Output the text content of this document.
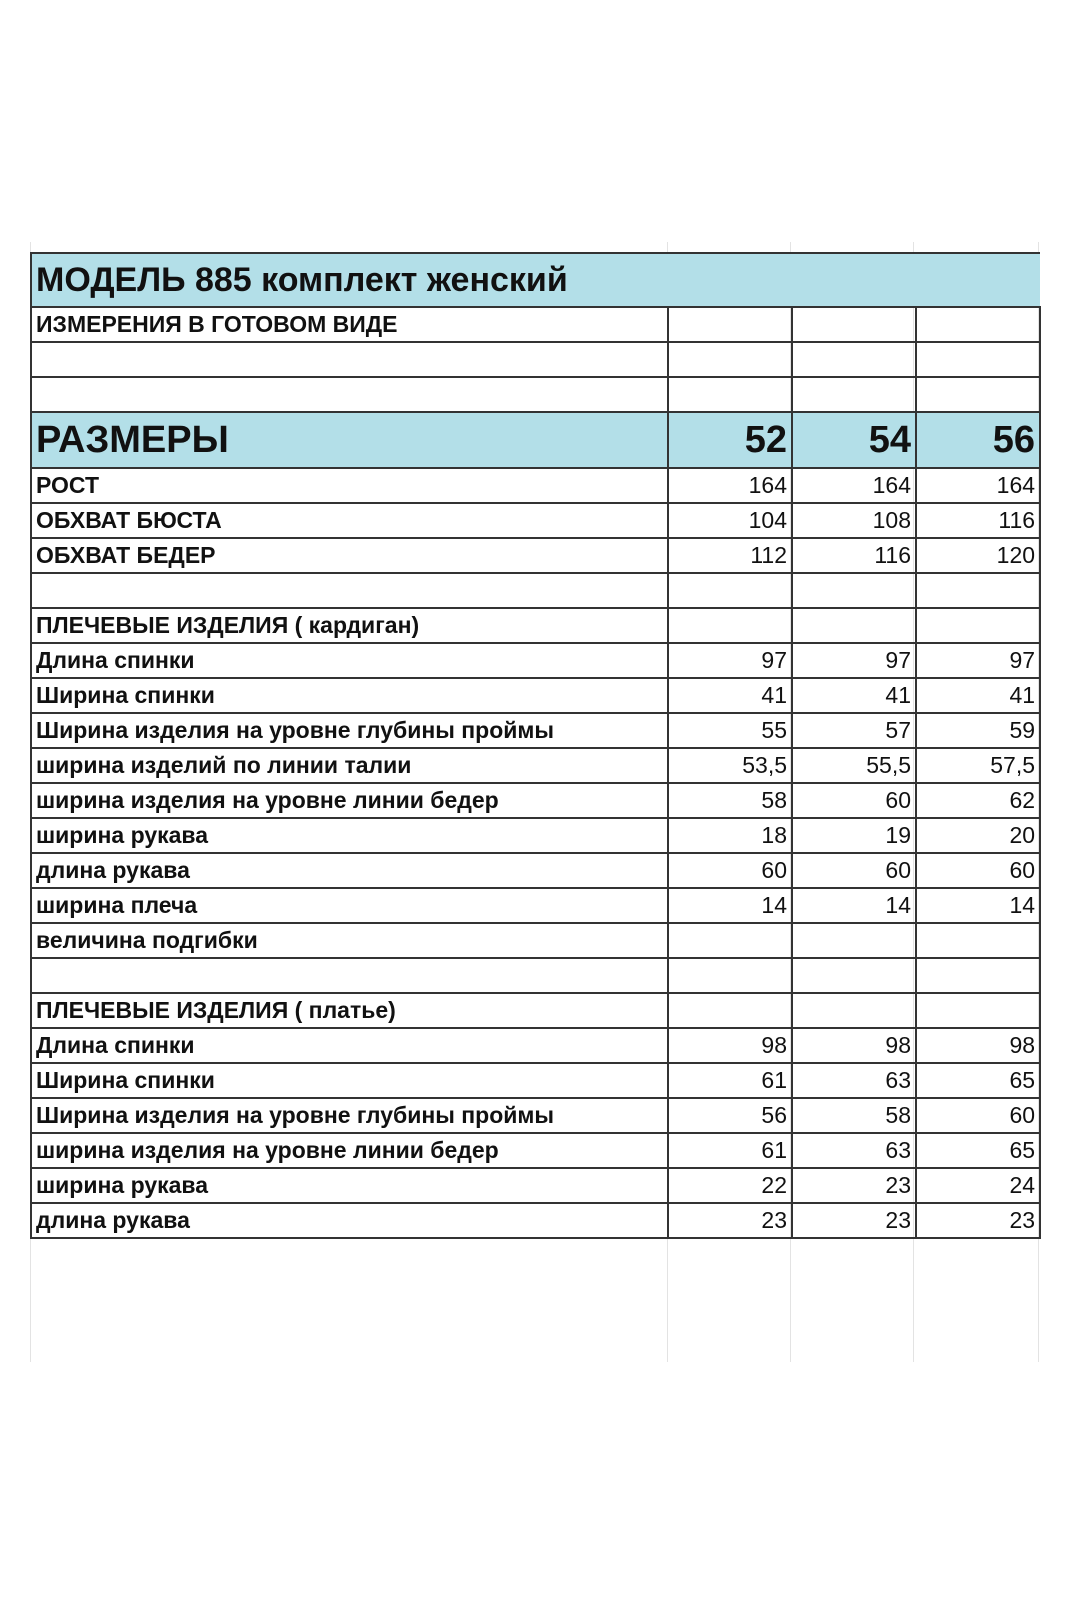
МОДЕЛЬ 885 комплект женский			
ИЗМЕРЕНИЯ В ГОТОВОМ ВИДЕ			

РАЗМЕРЫ	52	54	56
РОСТ	164	164	164
ОБХВАТ БЮСТА	104	108	116
ОБХВАТ БЕДЕР	112	116	120

ПЛЕЧЕВЫЕ ИЗДЕЛИЯ ( кардиган)			
Длина спинки	97	97	97
Ширина спинки	41	41	41
Ширина изделия на уровне глубины проймы	55	57	59
ширина изделий по линии талии	53,5	55,5	57,5
ширина изделия на уровне линии бедер	58	60	62
ширина рукава	18	19	20
длина рукава	60	60	60
ширина плеча	14	14	14
величина подгибки			

ПЛЕЧЕВЫЕ ИЗДЕЛИЯ ( платье)			
Длина спинки	98	98	98
Ширина спинки	61	63	65
Ширина изделия на уровне глубины проймы	56	58	60
ширина изделия на уровне линии бедер	61	63	65
ширина рукава	22	23	24
длина рукава	23	23	23
